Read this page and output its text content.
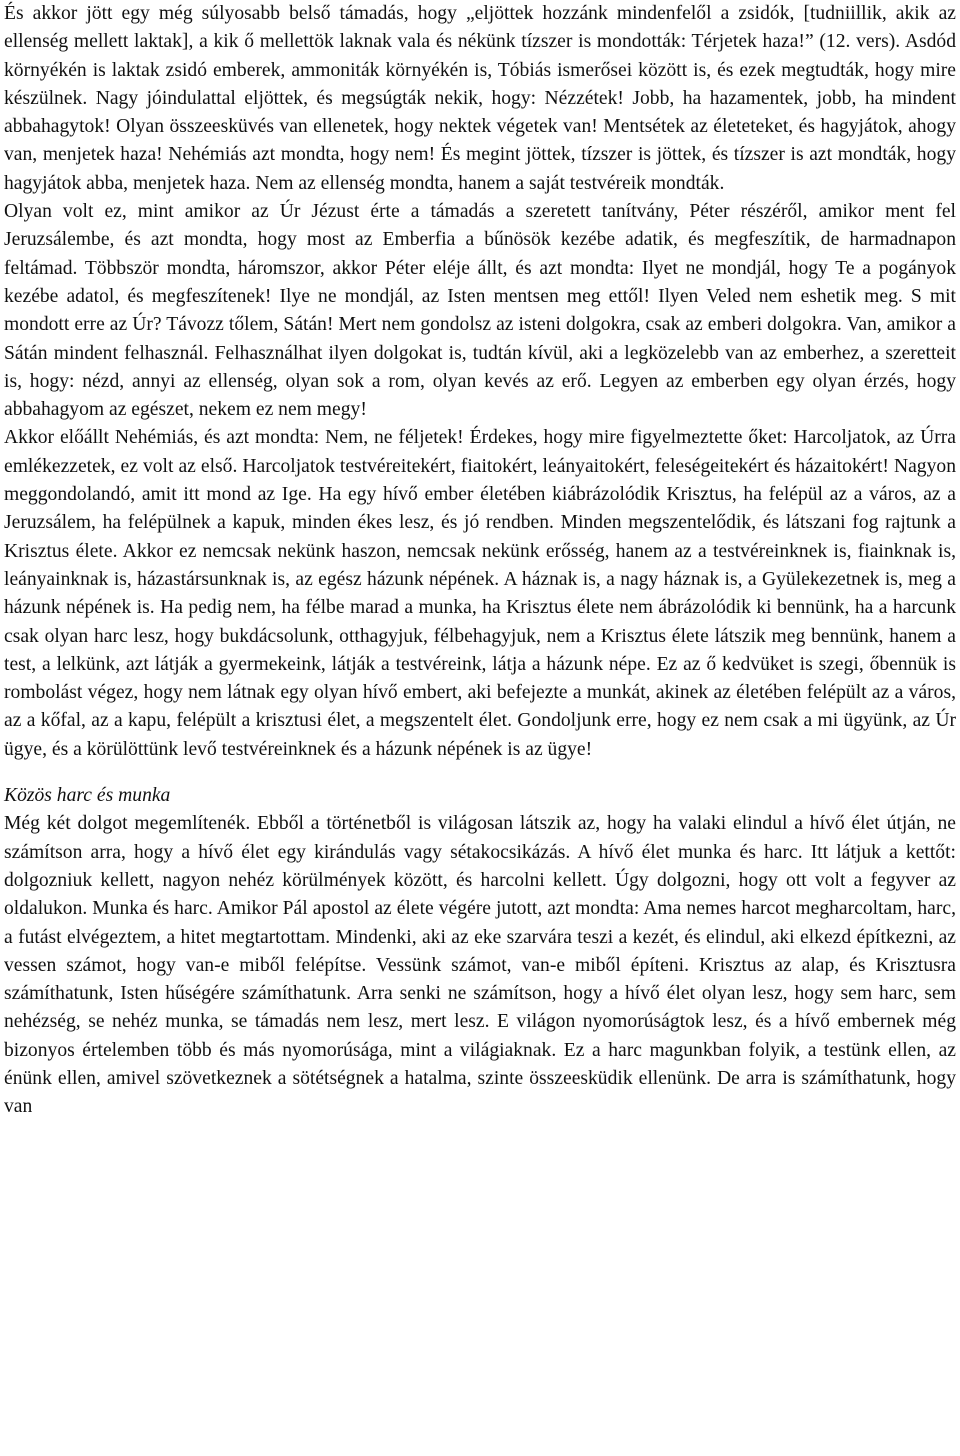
És akkor jött egy még súlyosabb belső támadás, hogy „eljöttek hozzánk mindenfelől a zsidók, [tudniillik, akik az ellenség mellett laktak], a kik ő mellettök laknak vala és nékünk tízszer is mondották: Térjetek haza!” (12. vers). Asdód környékén is laktak zsidó emberek, ammoniták környékén is, Tóbiás ismerősei között is, és ezek megtudták, hogy mire készülnek. Nagy jóindulattal eljöttek, és megsúgták nekik, hogy: Nézzétek! Jobb, ha hazamentek, jobb, ha mindent abbahagytok! Olyan összeesküvés van ellenetek, hogy nektek végetek van! Mentsétek az életeteket, és hagyjátok, ahogy van, menjetek haza! Nehémiás azt mondta, hogy nem! És megint jöttek, tízszer is jöttek, és tízszer is azt mondták, hogy hagyjátok abba, menjetek haza. Nem az ellenség mondta, hanem a saját testvéreik mondták.

Olyan volt ez, mint amikor az Úr Jézust érte a támadás a szeretett tanítvány, Péter részéről, amikor ment fel Jeruzsálembe, és azt mondta, hogy most az Emberfia a bűnösök kezébe adatik, és megfeszítik, de harmadnapon feltámad. Többször mondta, háromszor, akkor Péter eléje állt, és azt mondta: Ilyet ne mondjál, hogy Te a pogányok kezébe adatol, és megfeszítenek! Ilye ne mondjál, az Isten mentsen meg ettől! Ilyen Veled nem eshetik meg. S mit mondott erre az Úr? Távozz tőlem, Sátán! Mert nem gondolsz az isteni dolgokra, csak az emberi dolgokra. Van, amikor a Sátán mindent felhasznál. Felhasználhat ilyen dolgokat is, tudtán kívül, aki a legközelebb van az emberhez, a szeretteit is, hogy: nézd, annyi az ellenség, olyan sok a rom, olyan kevés az erő. Legyen az emberben egy olyan érzés, hogy abbahagyom az egészet, nekem ez nem megy!

Akkor előállt Nehémiás, és azt mondta: Nem, ne féljetek! Érdekes, hogy mire figyelmeztette őket: Harcoljatok, az Úrra emlékezzetek, ez volt az első. Harcoljatok testvéreitekért, fiaitokért, leányaitokért, feleségeitekért és házaitokért! Nagyon meggondolandó, amit itt mond az Ige. Ha egy hívő ember életében kiábrázolódik Krisztus, ha felépül az a város, az a Jeruzsálem, ha felépülnek a kapuk, minden ékes lesz, és jó rendben. Minden megszentelődik, és látszani fog rajtunk a Krisztus élete. Akkor ez nemcsak nekünk haszon, nemcsak nekünk erősség, hanem az a testvéreinknek is, fiainknak is, leányainknak is, házastársunknak is, az egész házunk népének. A háznak is, a nagy háznak is, a Gyülekezetnek is, meg a házunk népének is. Ha pedig nem, ha félbe marad a munka, ha Krisztus élete nem ábrázolódik ki bennünk, ha a harcunk csak olyan harc lesz, hogy bukdácsolunk, otthagyjuk, félbehagyjuk, nem a Krisztus élete látszik meg bennünk, hanem a test, a lelkünk, azt látják a gyermekeink, látják a testvéreink, látja a házunk népe. Ez az ő kedvüket is szegi, őbennük is rombolást végez, hogy nem látnak egy olyan hívő embert, aki befejezte a munkát, akinek az életében felépült az a város, az a kőfal, az a kapu, felépült a krisztusi élet, a megszentelt élet. Gondoljunk erre, hogy ez nem csak a mi ügyünk, az Úr ügye, és a körülöttünk levő testvéreinknek és a házunk népének is az ügye!

Közös harc és munka

Még két dolgot megemlítenék. Ebből a történetből is világosan látszik az, hogy ha valaki elindul a hívő élet útján, ne számítson arra, hogy a hívő élet egy kirándulás vagy sétakocsikázás. A hívő élet munka és harc. Itt látjuk a kettőt: dolgozniuk kellett, nagyon nehéz körülmények között, és harcolni kellett. Úgy dolgozni, hogy ott volt a fegyver az oldalukon. Munka és harc. Amikor Pál apostol az élete végére jutott, azt mondta: Ama nemes harcot megharcoltam, harc, a futást elvégeztem, a hitet megtartottam. Mindenki, aki az eke szarvára teszi a kezét, és elindul, aki elkezd építkezni, az vessen számot, hogy van-e miből felépítse. Vessünk számot, van-e miből építeni. Krisztus az alap, és Krisztusra számíthatunk, Isten hűségére számíthatunk. Arra senki ne számítson, hogy a hívő élet olyan lesz, hogy sem harc, sem nehézség, se nehéz munka, se támadás nem lesz, mert lesz. E világon nyomorúságtok lesz, és a hívő embernek még bizonyos értelemben több és más nyomorúsága, mint a világiaknak. Ez a harc magunkban folyik, a testünk ellen, az énünk ellen, amivel szövetkeznek a sötétségnek a hatalma, szinte összeesküdik ellenünk. De arra is számíthatunk, hogy van
